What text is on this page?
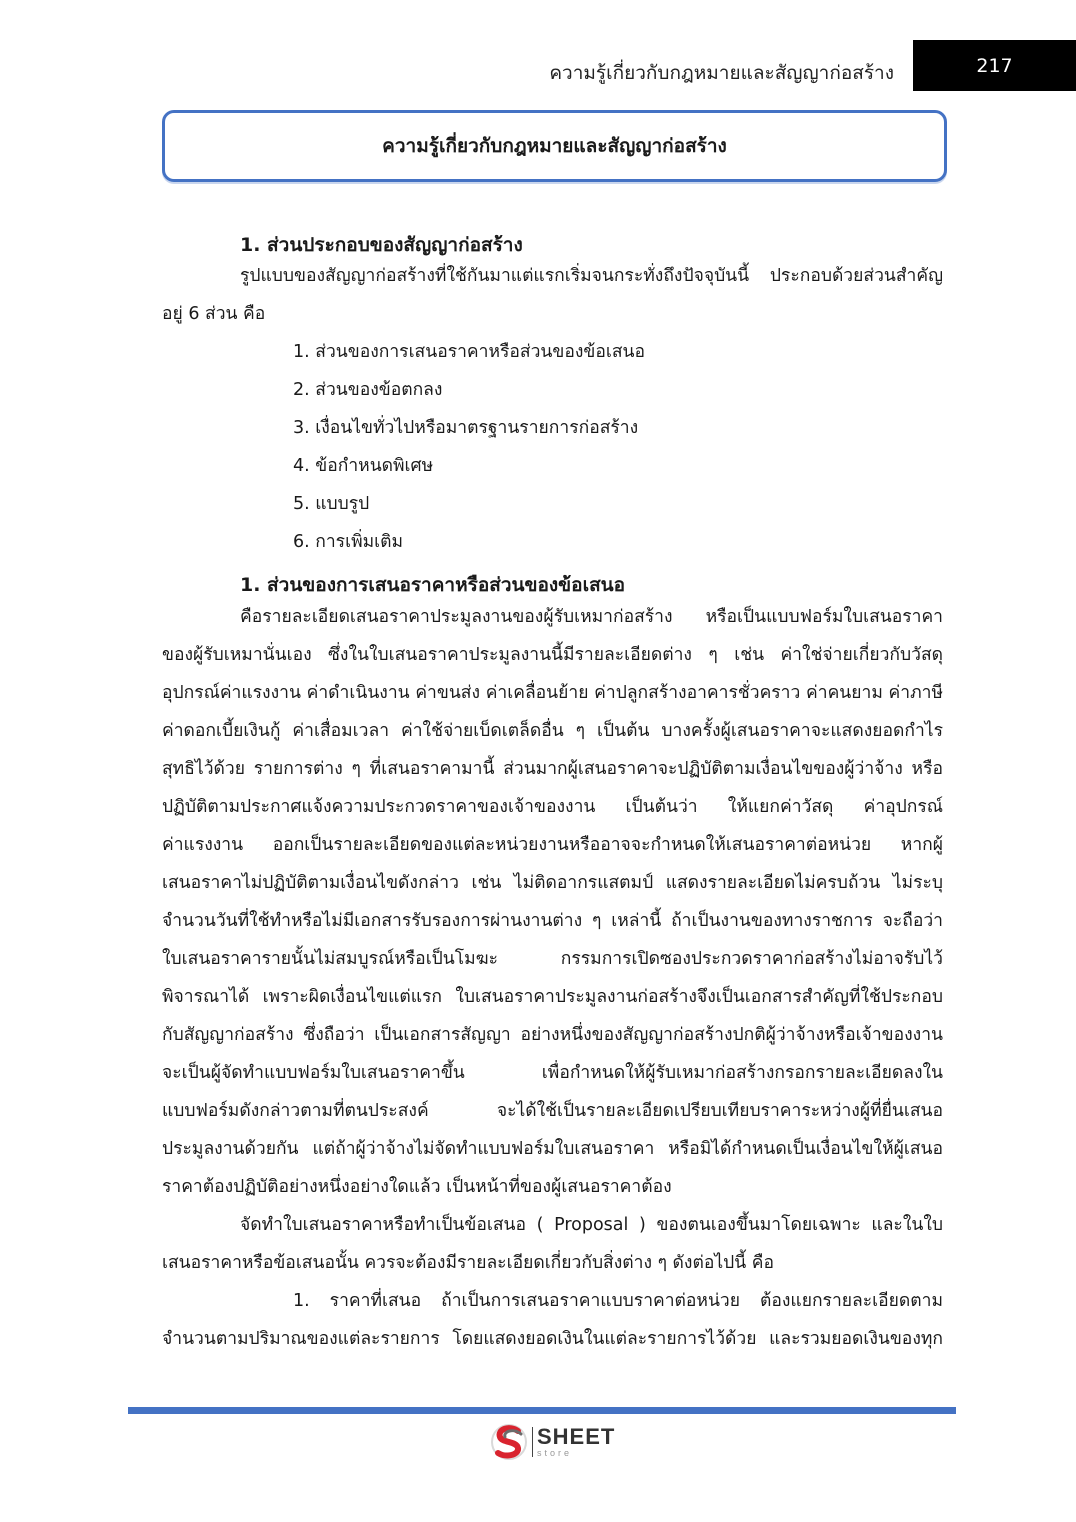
ความรู้เกี่ยวกับกฎหมายและสัญญาก่อสร้าง	217
ความรู้เกี่ยวกับกฎหมายและสัญญาก่อสร้าง
1. ส่วนประกอบของสัญญาก่อสร้าง
รูปแบบของสัญญาก่อสร้างที่ใช้กันมาแต่แรกเริ่มจนกระทั่งถึงปัจจุบันนี้ ประกอบด้วยส่วนสำคัญ
อยู่ 6 ส่วน คือ
1. ส่วนของการเสนอราคาหรือส่วนของข้อเสนอ
2. ส่วนของข้อตกลง
3. เงื่อนไขทั่วไปหรือมาตรฐานรายการก่อสร้าง
4. ข้อกำหนดพิเศษ
5. แบบรูป
6. การเพิ่มเติม
1. ส่วนของการเสนอราคาหรือส่วนของข้อเสนอ
คือรายละเอียดเสนอราคาประมูลงานของผู้รับเหมาก่อสร้าง หรือเป็นแบบฟอร์มใบเสนอราคา
ของผู้รับเหมานั่นเอง ซึ่งในใบเสนอราคาประมูลงานนี้มีรายละเอียดต่าง ๆ เช่น ค่าใช่จ่ายเกี่ยวกับวัสดุ
อุปกรณ์ค่าแรงงาน ค่าดำเนินงาน ค่าขนส่ง ค่าเคลื่อนย้าย ค่าปลูกสร้างอาคารชั่วคราว ค่าคนยาม ค่าภาษี
ค่าดอกเบี้ยเงินกู้ ค่าเสื่อมเวลา ค่าใช้จ่ายเบ็ดเตล็ดอื่น ๆ เป็นต้น บางครั้งผู้เสนอราคาจะแสดงยอดกำไร
สุทธิไว้ด้วย รายการต่าง ๆ ที่เสนอราคามานี้ ส่วนมากผู้เสนอราคาจะปฏิบัติตามเงื่อนไขของผู้ว่าจ้าง หรือ
ปฏิบัติตามประกาศแจ้งความประกวดราคาของเจ้าของงาน เป็นต้นว่า ให้แยกค่าวัสดุ ค่าอุปกรณ์
ค่าแรงงาน ออกเป็นรายละเอียดของแต่ละหน่วยงานหรืออาจจะกำหนดให้เสนอราคาต่อหน่วย หากผู้
เสนอราคาไม่ปฏิบัติตามเงื่อนไขดังกล่าว เช่น ไม่ติดอากรแสตมป์ แสดงรายละเอียดไม่ครบถ้วน ไม่ระบุ
จำนวนวันที่ใช้ทำหรือไม่มีเอกสารรับรองการผ่านงานต่าง ๆ เหล่านี้ ถ้าเป็นงานของทางราชการ จะถือว่า
ใบเสนอราคารายนั้นไม่สมบูรณ์หรือเป็นโมฆะ กรรมการเปิดซองประกวดราคาก่อสร้างไม่อาจรับไว้
พิจารณาได้ เพราะผิดเงื่อนไขแต่แรก ใบเสนอราคาประมูลงานก่อสร้างจึงเป็นเอกสารสำคัญที่ใช้ประกอบ
กับสัญญาก่อสร้าง ซึ่งถือว่า เป็นเอกสารสัญญา อย่างหนึ่งของสัญญาก่อสร้างปกติผู้ว่าจ้างหรือเจ้าของงาน
จะเป็นผู้จัดทำแบบฟอร์มใบเสนอราคาขึ้น เพื่อกำหนดให้ผู้รับเหมาก่อสร้างกรอกรายละเอียดลงใน
แบบฟอร์มดังกล่าวตามที่ตนประสงค์ จะได้ใช้เป็นรายละเอียดเปรียบเทียบราคาระหว่างผู้ที่ยื่นเสนอ
ประมูลงานด้วยกัน แต่ถ้าผู้ว่าจ้างไม่จัดทำแบบฟอร์มใบเสนอราคา หรือมิได้กำหนดเป็นเงื่อนไขให้ผู้เสนอ
ราคาต้องปฏิบัติอย่างหนึ่งอย่างใดแล้ว เป็นหน้าที่ของผู้เสนอราคาต้อง
จัดทำใบเสนอราคาหรือทำเป็นข้อเสนอ ( Proposal ) ของตนเองขึ้นมาโดยเฉพาะ และในใบ
เสนอราคาหรือข้อเสนอนั้น ควรจะต้องมีรายละเอียดเกี่ยวกับสิ่งต่าง ๆ ดังต่อไปนี้ คือ
1. ราคาที่เสนอ ถ้าเป็นการเสนอราคาแบบราคาต่อหน่วย ต้องแยกรายละเอียดตาม
จำนวนตามปริมาณของแต่ละรายการ โดยแสดงยอดเงินในแต่ละรายการไว้ด้วย และรวมยอดเงินของทุก
SHEET
store
